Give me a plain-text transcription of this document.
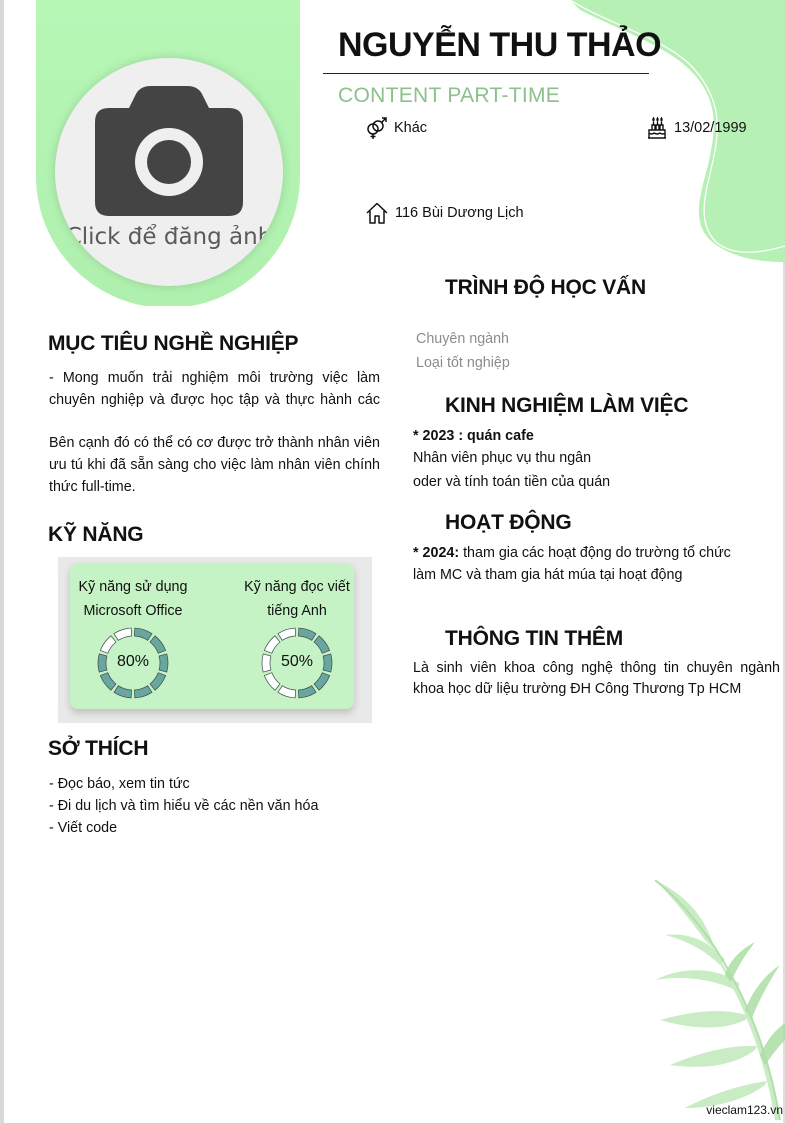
Click để đăng ảnh
NGUYỄN THU THẢO
CONTENT PART-TIME
Khác	13/02/1999
116 Bùi Dương Lịch
MỤC TIÊU NGHỀ NGHIỆP
- Mong muốn trải nghiệm môi trường việc làm
chuyên nghiệp và được học tập và thực hành các
Bên cạnh đó có thể có cơ được trở thành nhân viên
ưu tú khi đã sẵn sàng cho việc làm nhân viên chính
thức full-time.
KỸ NĂNG
Kỹ năng sử dụng
Microsoft Office
Kỹ năng đọc viết
tiếng Anh
80%	50%
SỞ THÍCH
- Đọc báo, xem tin tức
- Đi du lịch và tìm hiểu về các nền văn hóa
- Viết code
TRÌNH ĐỘ HỌC VẤN
Chuyên ngành
Loại tốt nghiệp
KINH NGHIỆM LÀM VIỆC
* 2023 : quán cafe
Nhân viên phục vụ thu ngân
oder và tính toán tiền của quán
HOẠT ĐỘNG
* 2024: tham gia các hoạt động do trường tổ chức
làm MC và tham gia hát múa tại hoạt động
THÔNG TIN THÊM
Là sinh viên khoa công nghệ thông tin chuyên ngành
khoa học dữ liệu trường ĐH Công Thương Tp HCM
vieclam123.vn
